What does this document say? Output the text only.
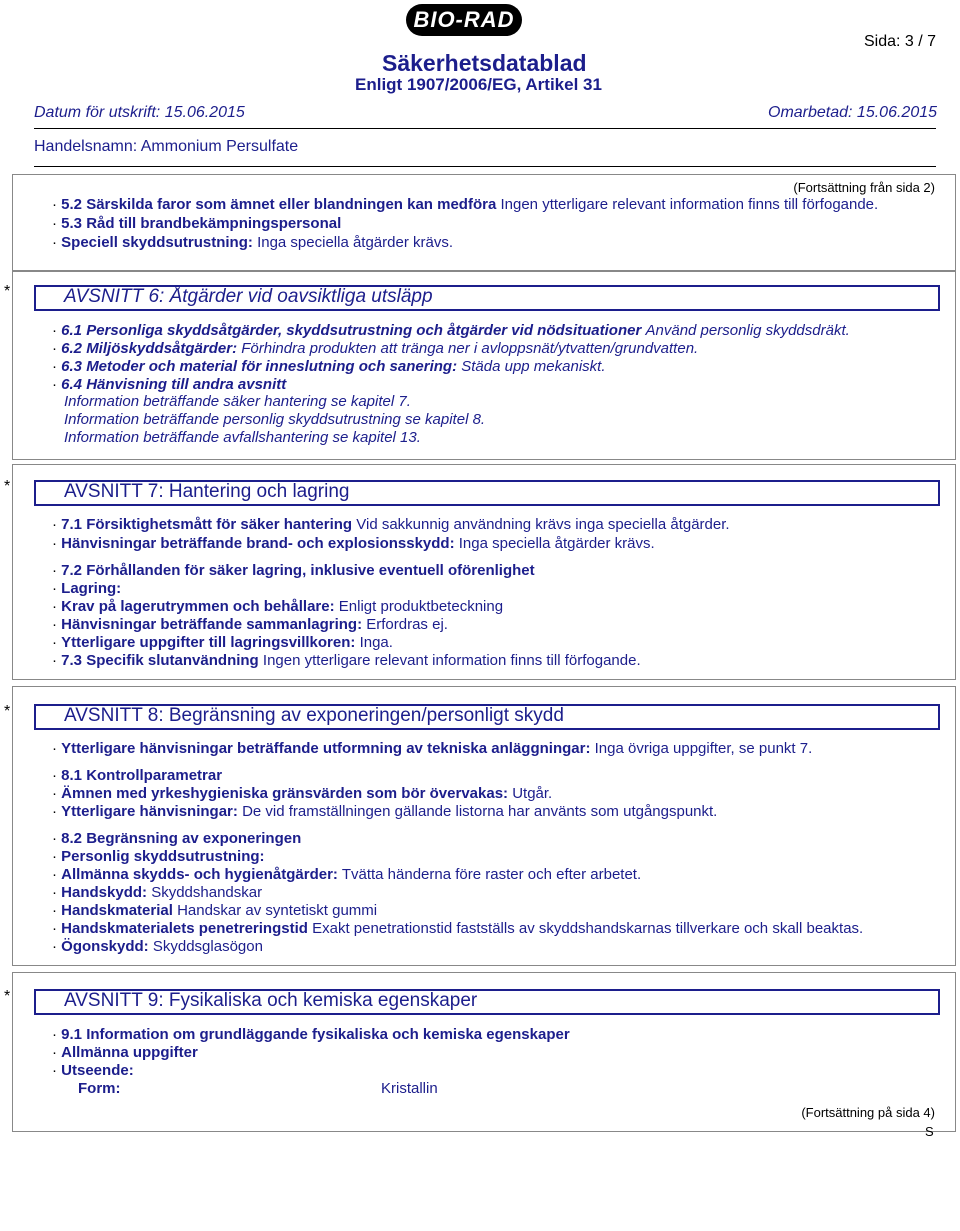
BIO-RAD
Sida: 3 / 7
Säkerhetsdatablad
Enligt 1907/2006/EG, Artikel 31
Datum för utskrift: 15.06.2015	Omarbetad: 15.06.2015
Handelsnamn: Ammonium Persulfate
(Fortsättning från sida 2)
· 5.2 Särskilda faror som ämnet eller blandningen kan medföra Ingen ytterligare relevant information finns till förfogande.
· 5.3 Råd till brandbekämpningspersonal
· Speciell skyddsutrustning: Inga speciella åtgärder krävs.
*	AVSNITT 6: Åtgärder vid oavsiktliga utsläpp
· 6.1 Personliga skyddsåtgärder, skyddsutrustning och åtgärder vid nödsituationer Använd personlig skyddsdräkt.
· 6.2 Miljöskyddsåtgärder: Förhindra produkten att tränga ner i avloppsnät/ytvatten/grundvatten.
· 6.3 Metoder och material för inneslutning och sanering: Städa upp mekaniskt.
· 6.4 Hänvisning till andra avsnitt
Information beträffande säker hantering se kapitel 7.
Information beträffande personlig skyddsutrustning se kapitel 8.
Information beträffande avfallshantering se kapitel 13.
*	AVSNITT 7: Hantering och lagring
· 7.1 Försiktighetsmått för säker hantering Vid sakkunnig användning krävs inga speciella åtgärder.
· Hänvisningar beträffande brand- och explosionsskydd: Inga speciella åtgärder krävs.
· 7.2 Förhållanden för säker lagring, inklusive eventuell oförenlighet
· Lagring:
· Krav på lagerutrymmen och behållare: Enligt produktbeteckning
· Hänvisningar beträffande sammanlagring: Erfordras ej.
· Ytterligare uppgifter till lagringsvillkoren: Inga.
· 7.3 Specifik slutanvändning Ingen ytterligare relevant information finns till förfogande.
*	AVSNITT 8: Begränsning av exponeringen/personligt skydd
· Ytterligare hänvisningar beträffande utformning av tekniska anläggningar: Inga övriga uppgifter, se punkt 7.
· 8.1 Kontrollparametrar
· Ämnen med yrkeshygieniska gränsvärden som bör övervakas: Utgår.
· Ytterligare hänvisningar: De vid framställningen gällande listorna har använts som utgångspunkt.
· 8.2 Begränsning av exponeringen
· Personlig skyddsutrustning:
· Allmänna skydds- och hygienåtgärder: Tvätta händerna före raster och efter arbetet.
· Handskydd: Skyddshandskar
· Handskmaterial Handskar av syntetiskt gummi
· Handskmaterialets penetreringstid Exakt penetrationstid fastställs av skyddshandskarnas tillverkare och skall beaktas.
· Ögonskydd: Skyddsglasögon
*	AVSNITT 9: Fysikaliska och kemiska egenskaper
· 9.1 Information om grundläggande fysikaliska och kemiska egenskaper
· Allmänna uppgifter
· Utseende:
Form:	Kristallin
(Fortsättning på sida 4)
S
